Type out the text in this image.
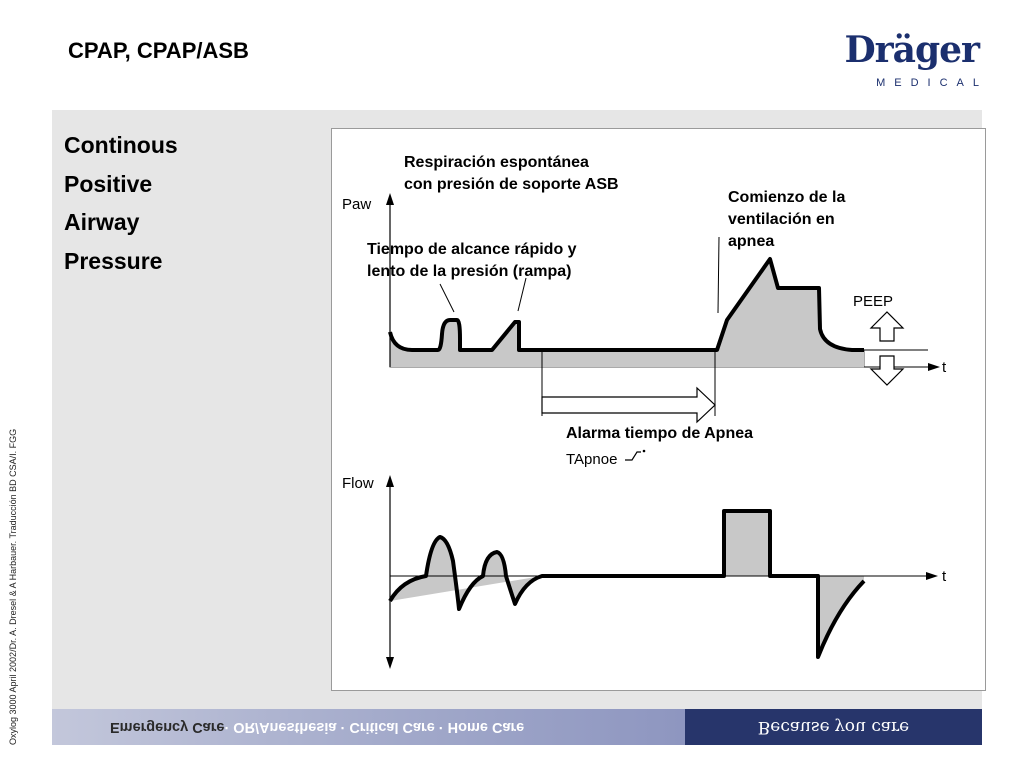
CPAP, CPAP/ASB	Dräger
MEDICAL
Continous
Positive
Airway
Pressure
Paw
Flow
t
t
PEEP
Respiración espontánea
con presión de soporte ASB
Comienzo de la
ventilación en
apnea
Tiempo de alcance rápido y
lento de la presión (rampa)
Alarma tiempo de Apnea
TApnoe
Emergency Care · OR/Anesthesia · Critical Care · Home Care	Because you care
Oxylog 3000 April 2002/Dr. A. Dresel & A Harbauer. Traducción BD CSA/I. FGG
